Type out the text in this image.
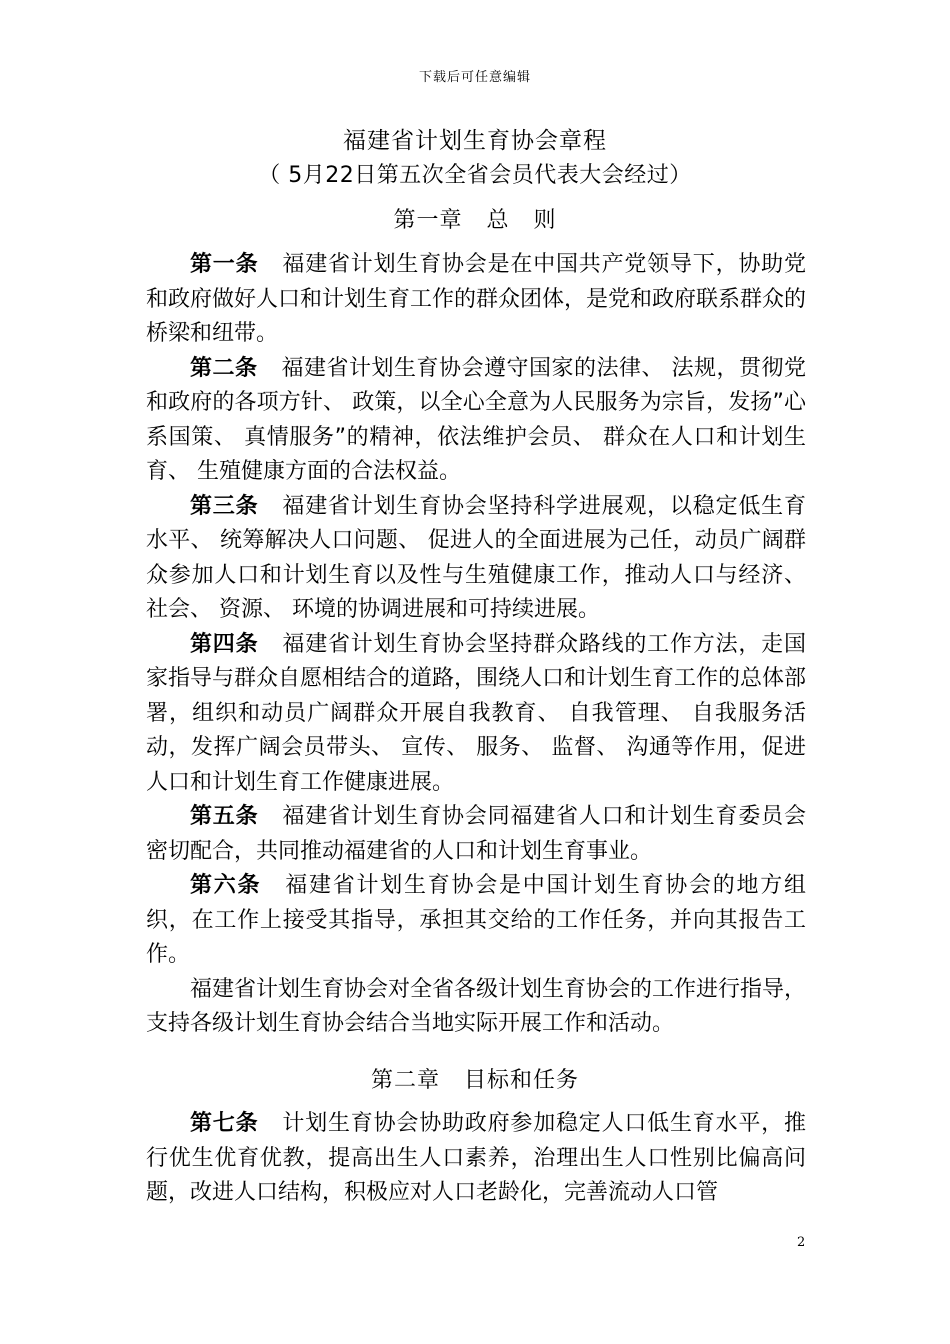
下载后可任意编辑
福建省计划生育协会章程
（ 5月22日第五次全省会员代表大会经过）
第一章 总 则

第一条 福建省计划生育协会是在中国共产党领导下，协助党和政府做好人口和计划生育工作的群众团体，是党和政府联系群众的桥梁和纽带。

第二条 福建省计划生育协会遵守国家的法律、 法规，贯彻党和政府的各项方针、 政策，以全心全意为人民服务为宗旨，发扬”心系国策、 真情服务”的精神，依法维护会员、 群众在人口和计划生育、 生殖健康方面的合法权益。

第三条 福建省计划生育协会坚持科学进展观，以稳定低生育水平、 统筹解决人口问题、 促进人的全面进展为己任，动员广阔群众参加人口和计划生育以及性与生殖健康工作，推动人口与经济、 社会、 资源、 环境的协调进展和可持续进展。

第四条 福建省计划生育协会坚持群众路线的工作方法，走国家指导与群众自愿相结合的道路，围绕人口和计划生育工作的总体部署，组织和动员广阔群众开展自我教育、 自我管理、 自我服务活动，发挥广阔会员带头、 宣传、 服务、 监督、 沟通等作用，促进人口和计划生育工作健康进展。

第五条 福建省计划生育协会同福建省人口和计划生育委员会密切配合，共同推动福建省的人口和计划生育事业。

第六条 福建省计划生育协会是中国计划生育协会的地方组织，在工作上接受其指导，承担其交给的工作任务，并向其报告工作。

福建省计划生育协会对全省各级计划生育协会的工作进行指导，支持各级计划生育协会结合当地实际开展工作和活动。

第二章 目标和任务

第七条 计划生育协会协助政府参加稳定人口低生育水平，推行优生优育优教，提高出生人口素养，治理出生人口性别比偏高问题，改进人口结构，积极应对人口老龄化，完善流动人口管

2
